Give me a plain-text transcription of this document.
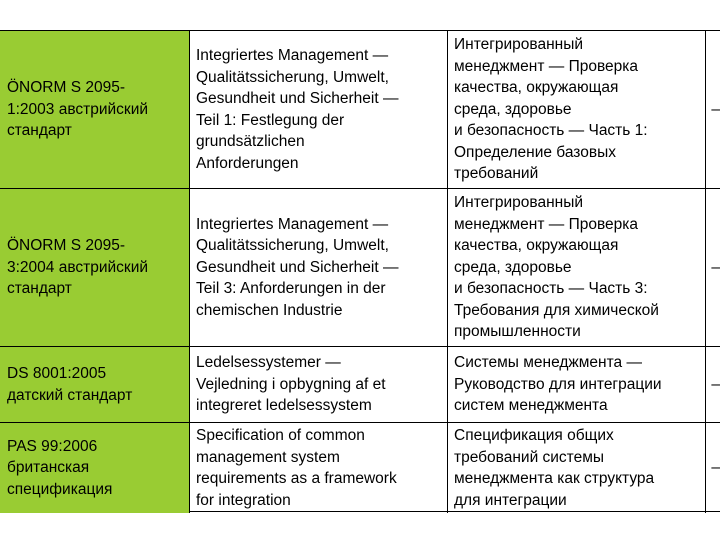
ÖNORM S 2095-
1:2003 австрийский
стандарт
Integriertes Management —
Qualitätssicherung, Umwelt,
Gesundheit und Sicherheit —
Teil 1: Festlegung der
grundsätzlichen
Anforderungen
Интегрированный
менеджмент — Проверка
качества, окружающая
среда, здоровье
и безопасность — Часть 1:
Определение базовых
требований
–
ÖNORM S 2095-
3:2004 австрийский
стандарт
Integriertes Management —
Qualitätssicherung, Umwelt,
Gesundheit und Sicherheit —
Teil 3: Anforderungen in der
chemischen Industrie
Интегрированный
менеджмент — Проверка
качества, окружающая
среда, здоровье
и безопасность — Часть 3:
Требования для химической
промышленности
–
DS 8001:2005
датский стандарт
Ledelsessystemer —
Vejledning i opbygning af et
integreret ledelsessystem
Системы менеджмента —
Руководство для интеграции
систем менеджмента
–
PAS 99:2006
британская
спецификация
Specification of common
management system
requirements as a framework
for integration
Спецификация общих
требований системы
менеджмента как структура
для интеграции
–
